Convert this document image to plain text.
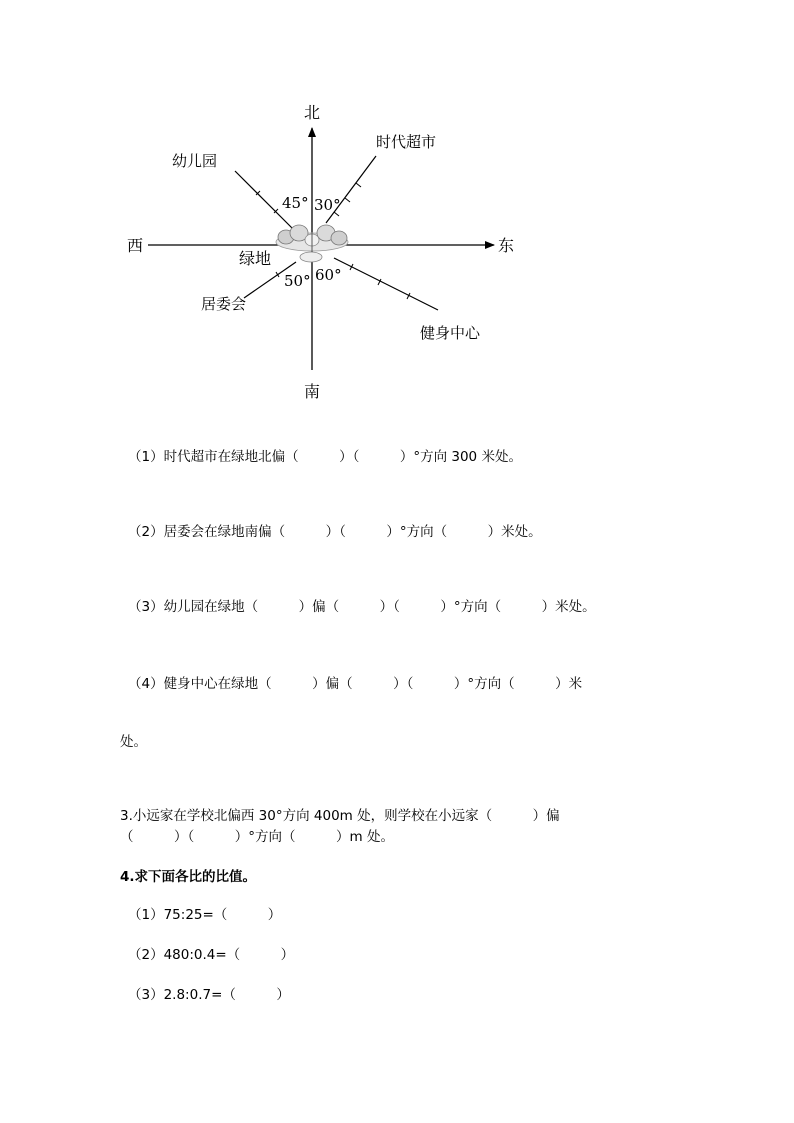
北
南
东
西
绿地
时代超市
幼儿园
居委会
健身中心
30°
45°
50° 60°
（1）时代超市在绿地北偏（　　　）（　　　）°方向 300 米处。
（2）居委会在绿地南偏（　　　）（　　　）°方向（　　　）米处。
（3）幼儿园在绿地（　　　）偏（　　　）（　　　）°方向（　　　）米处。
（4）健身中心在绿地（　　　）偏（　　　）（　　　）°方向（　　　）米
处。
3.小远家在学校北偏西 30°方向 400m 处，则学校在小远家（　　　）偏
（　　　）（　　　）°方向（　　　）m 处。
4.求下面各比的比值。
（1）75:25=（　　　）
（2）480:0.4=（　　　）
（3）2.8:0.7=（　　　）
